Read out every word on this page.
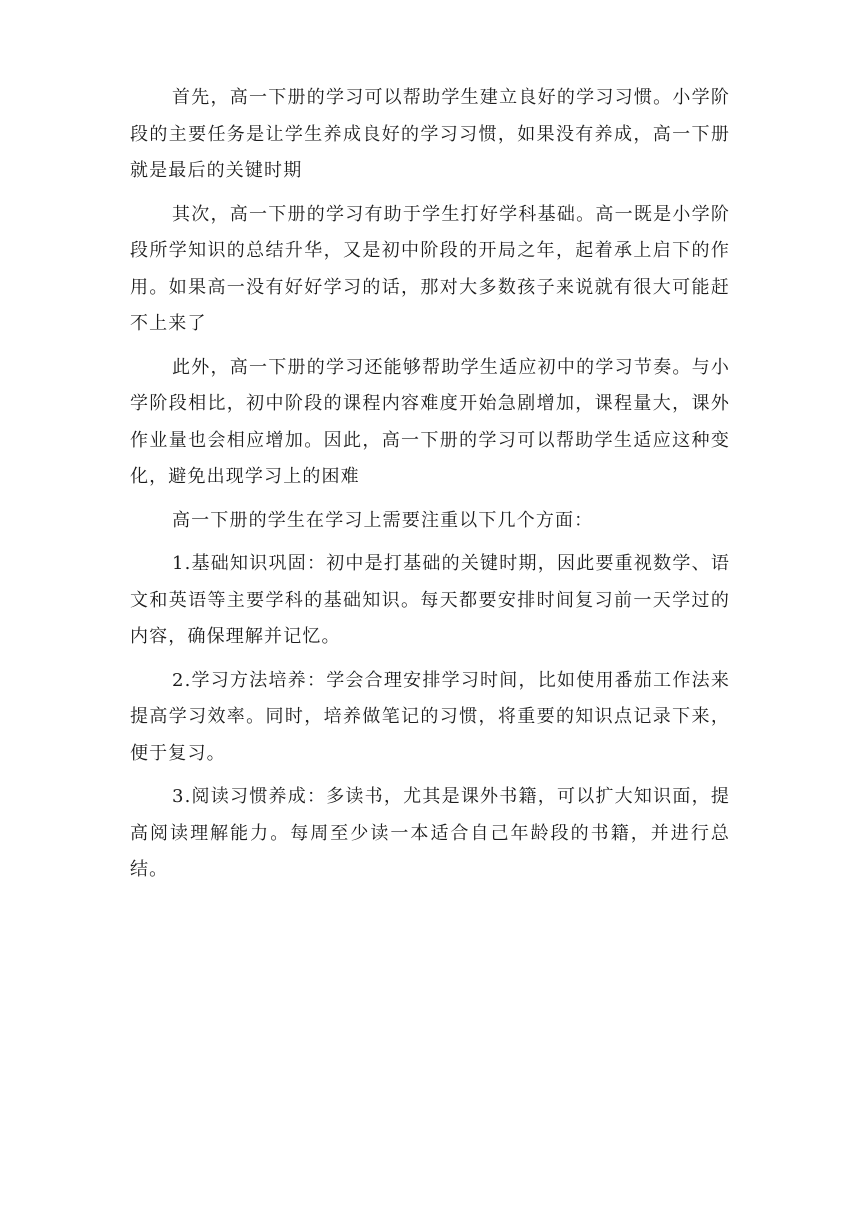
首先，高一下册的学习可以帮助学生建立良好的学习习惯。小学阶段的主要任务是让学生养成良好的学习习惯，如果没有养成，高一下册就是最后的关键时期

其次，高一下册的学习有助于学生打好学科基础。高一既是小学阶段所学知识的总结升华，又是初中阶段的开局之年，起着承上启下的作用。如果高一没有好好学习的话，那对大多数孩子来说就有很大可能赶不上来了

此外，高一下册的学习还能够帮助学生适应初中的学习节奏。与小学阶段相比，初中阶段的课程内容难度开始急剧增加，课程量大，课外作业量也会相应增加。因此，高一下册的学习可以帮助学生适应这种变化，避免出现学习上的困难

高一下册的学生在学习上需要注重以下几个方面：

1.基础知识巩固：初中是打基础的关键时期，因此要重视数学、语文和英语等主要学科的基础知识。每天都要安排时间复习前一天学过的内容，确保理解并记忆。

2.学习方法培养：学会合理安排学习时间，比如使用番茄工作法来提高学习效率。同时，培养做笔记的习惯，将重要的知识点记录下来，便于复习。

3.阅读习惯养成：多读书，尤其是课外书籍，可以扩大知识面，提高阅读理解能力。每周至少读一本适合自己年龄段的书籍，并进行总结。
